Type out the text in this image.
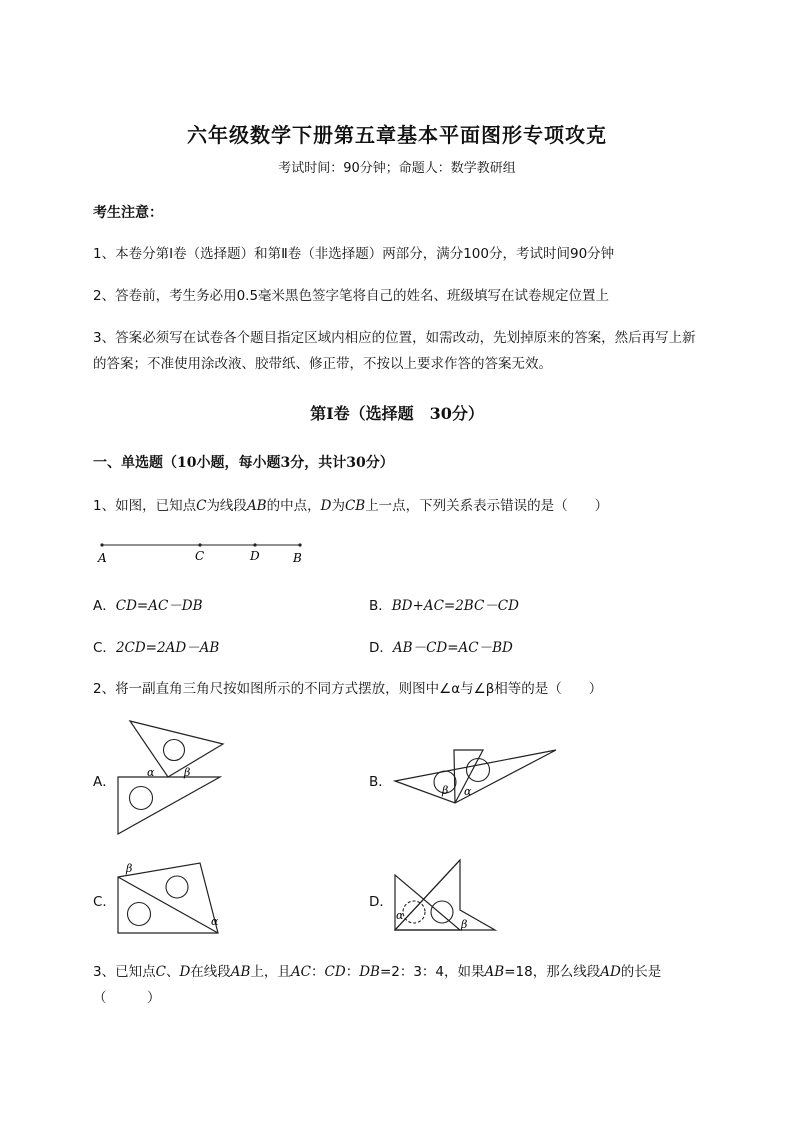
六年级数学下册第五章基本平面图形专项攻克
考试时间：90分钟；命题人：数学教研组
考生注意：
1、本卷分第Ⅰ卷（选择题）和第Ⅱ卷（非选择题）两部分，满分100分，考试时间90分钟
2、答卷前，考生务必用0.5毫米黑色签字笔将自己的姓名、班级填写在试卷规定位置上
3、答案必须写在试卷各个题目指定区域内相应的位置，如需改动，先划掉原来的答案，然后再写上新
的答案；不准使用涂改液、胶带纸、修正带，不按以上要求作答的答案无效。
第Ⅰ卷（选择题　30分）
一、单选题（10小题，每小题3分，共计30分）
1、如图，已知点C为线段AB的中点，D为CB上一点，下列关系表示错误的是（　　）
A	C	D	B
A．CD=AC－DB	B．BD+AC=2BC－CD
C．2CD=2AD－AB	D．AB－CD=AC－BD
2、将一副直角三角尺按如图所示的不同方式摆放，则图中∠α与∠β相等的是（　　）
A．
α	β
B．
β α
C．
β
α
D．
α
β
3、已知点C、D在线段AB上，且AC：CD：DB=2：3：4，如果AB=18，那么线段AD的长是
（　　　）
